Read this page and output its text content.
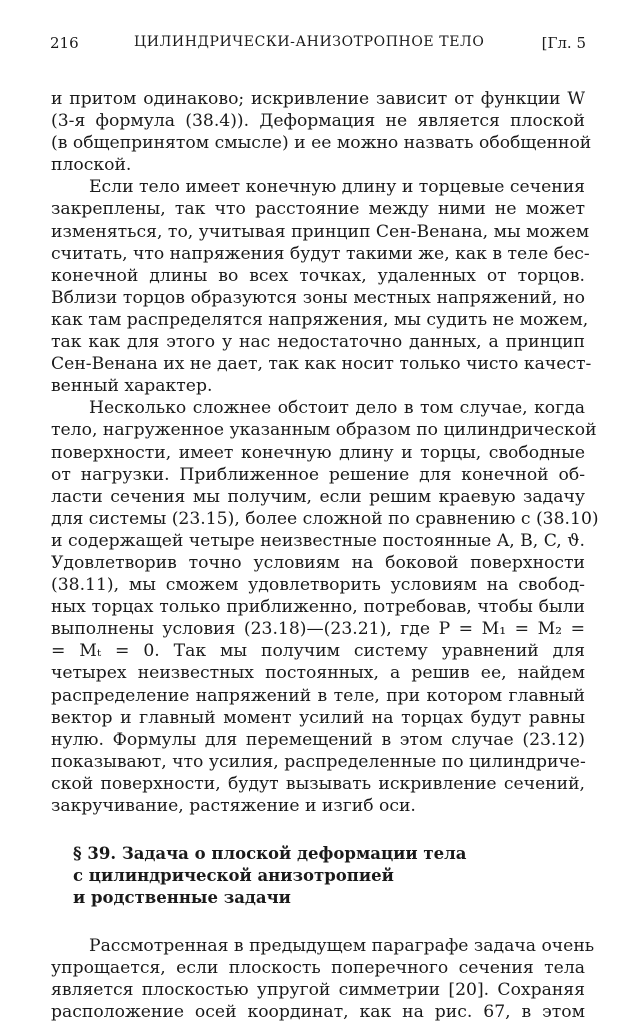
216	ЦИЛИНДРИЧЕСКИ-АНИЗОТРОПНОЕ ТЕЛО	[Гл. 5
и притом одинаково; искривление зависит от функции W
(3-я формула (38.4)). Деформация не является плоской
(в общепринятом смысле) и ее можно назвать обобщенной
плоской.
Если тело имеет конечную длину и торцевые сечения
закреплены, так что расстояние между ними не может
изменяться, то, учитывая принцип Сен-Венана, мы можем
считать, что напряжения будут такими же, как в теле бес-
конечной длины во всех точках, удаленных от торцов.
Вблизи торцов образуются зоны местных напряжений, но
как там распределятся напряжения, мы судить не можем,
так как для этого у нас недостаточно данных, а принцип
Сен-Венана их не дает, так как носит только чисто качест-
венный характер.
Несколько сложнее обстоит дело в том случае, когда
тело, нагруженное указанным образом по цилиндрической
поверхности, имеет конечную длину и торцы, свободные
от нагрузки. Приближенное решение для конечной об-
ласти сечения мы получим, если решим краевую задачу
для системы (23.15), более сложной по сравнению с (38.10)
и содержащей четыре неизвестные постоянные A, B, C, ϑ.
Удовлетворив точно условиям на боковой поверхности
(38.11), мы сможем удовлетворить условиям на свобод-
ных торцах только приближенно, потребовав, чтобы были
выполнены условия (23.18)—(23.21), где P = M₁ = M₂ =
= Mₜ = 0. Так мы получим систему уравнений для
четырех неизвестных постоянных, а решив ее, найдем
распределение напряжений в теле, при котором главный
вектор и главный момент усилий на торцах будут равны
нулю. Формулы для перемещений в этом случае (23.12)
показывают, что усилия, распределенные по цилиндриче-
ской поверхности, будут вызывать искривление сечений,
закручивание, растяжение и изгиб оси.
§ 39. Задача о плоской деформации тела
с цилиндрической анизотропией
и родственные задачи
Рассмотренная в предыдущем параграфе задача очень
упрощается, если плоскость поперечного сечения тела
является плоскостью упругой симметрии [20]. Сохраняя
расположение осей координат, как на рис. 67, в этом
